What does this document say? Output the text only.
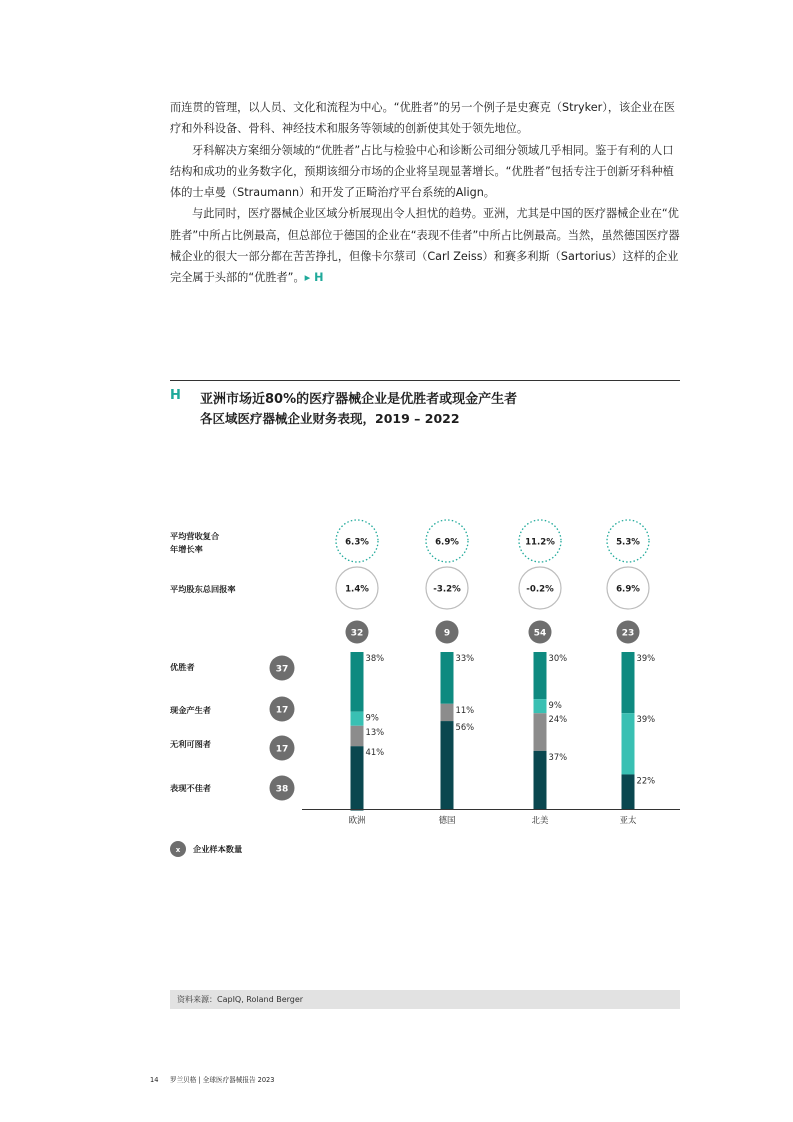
而连贯的管理，以人员、文化和流程为中心。“优胜者”的另一个例子是史赛克（Stryker），该企业在医疗和外科设备、骨科、神经技术和服务等领域的创新使其处于领先地位。

牙科解决方案细分领域的“优胜者”占比与检验中心和诊断公司细分领域几乎相同。鉴于有利的人口结构和成功的业务数字化，预期该细分市场的企业将呈现显著增长。“优胜者”包括专注于创新牙科种植体的士卓曼（Straumann）和开发了正畸治疗平台系统的Align。

与此同时，医疗器械企业区域分析展现出令人担忧的趋势。亚洲，尤其是中国的医疗器械企业在“优胜者”中所占比例最高，但总部位于德国的企业在“表现不佳者”中所占比例最高。当然，虽然德国医疗器械企业的很大一部分都在苦苦挣扎，但像卡尔蔡司（Carl Zeiss）和赛多利斯（Sartorius）这样的企业完全属于头部的“优胜者”。▸ H

H 亚洲市场近80%的医疗器械企业是优胜者或现金产生者
各区域医疗器械企业财务表现，2019 – 2022
平均营收复合
年增长率
平均股东总回报率
优胜者
现金产生者
无利可图者
表现不佳者
6.3%	6.9%	11.2%	5.3%
1.4%	-3.2%	-0.2%	6.9%
32	9	54	23
37
17
17
38
38%
9%
13%
41%
欧洲
33%
11%
56%
德国
30%
9%
24%
37%
北美
39%
39%
22%
亚太
x 企业样本数量
资料来源：CapIQ, Roland Berger
14 罗兰贝格 | 全球医疗器械报告 2023
